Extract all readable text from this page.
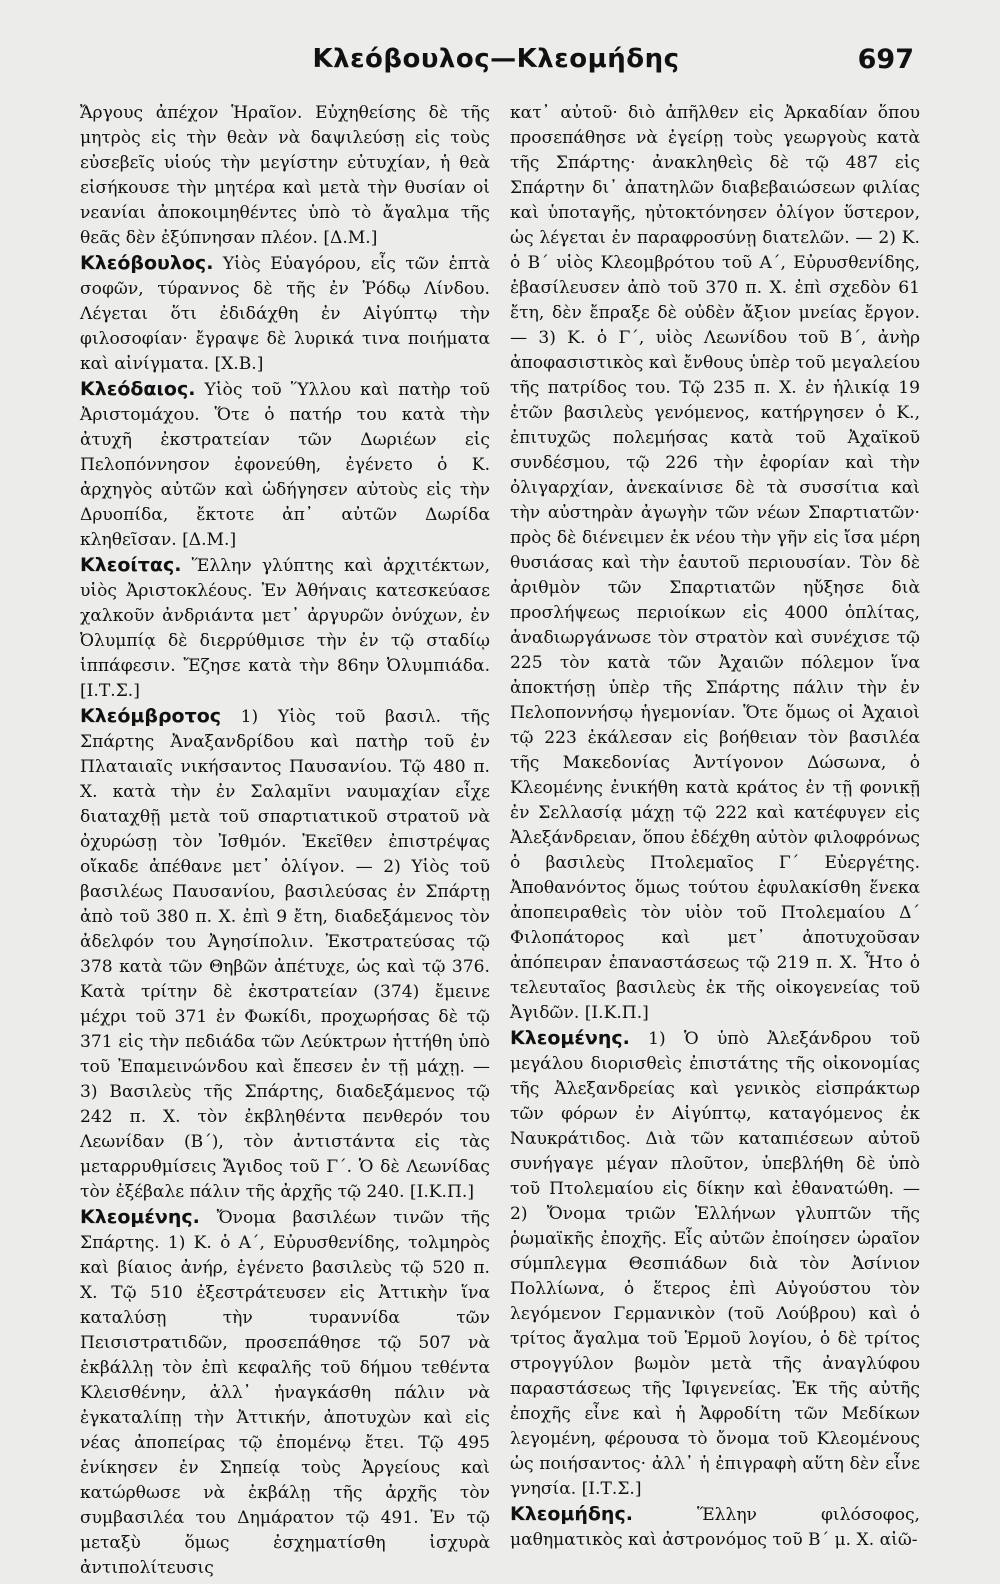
Κλεόβουλος—Κλεομήδης	697

Ἄργους ἀπέχον Ἡραῖον. Εὐχηθείσης δὲ τῆς μητρὸς εἰς τὴν θεὰν νὰ δαψιλεύσῃ εἰς τοὺς εὐσεβεῖς υἱούς τὴν μεγίστην εὐτυχίαν, ἡ θεὰ εἰσήκουσε τὴν μητέρα καὶ μετὰ τὴν θυσίαν οἱ νεανίαι ἀποκοιμηθέντες ὑπὸ τὸ ἄγαλμα τῆς θεᾶς δὲν ἐξύπνησαν πλέον. [Δ.Μ.]

Κλεόβουλος. Υἱὸς Εὐαγόρου, εἷς τῶν ἑπτὰ σοφῶν, τύραννος δὲ τῆς ἐν Ῥόδῳ Λίνδου. Λέγεται ὅτι ἐδιδάχθη ἐν Αἰγύπτῳ τὴν φιλοσοφίαν· ἔγραψε δὲ λυρικά τινα ποιήματα καὶ αἰνίγματα. [Χ.Β.]

Κλεόδαιος. Υἱὸς τοῦ Ὕλλου καὶ πατὴρ τοῦ Ἀριστομάχου. Ὅτε ὁ πατήρ του κατὰ τὴν ἀτυχῆ ἐκστρατείαν τῶν Δωριέων εἰς Πελοπόννησον ἐφονεύθη, ἐγένετο ὁ Κ. ἀρχηγὸς αὐτῶν καὶ ὡδήγησεν αὐτοὺς εἰς τὴν Δρυοπίδα, ἔκτοτε ἀπ᾽ αὐτῶν Δωρίδα κληθεῖσαν. [Δ.Μ.]

Κλεοίτας. Ἕλλην γλύπτης καὶ ἀρχιτέκτων, υἱὸς Ἀριστοκλέους. Ἐν Ἀθήναις κατεσκεύασε χαλκοῦν ἀνδριάντα μετ᾽ ἀργυρῶν ὀνύχων, ἐν Ὀλυμπίᾳ δὲ διερρύθμισε τὴν ἐν τῷ σταδίῳ ἱππάφεσιν. Ἔζησε κατὰ τὴν 86ην Ὀλυμπιάδα. [Ι.Τ.Σ.]

Κλεόμβροτος 1) Υἱὸς τοῦ βασιλ. τῆς Σπάρτης Ἀναξανδρίδου καὶ πατὴρ τοῦ ἐν Πλαταιαῖς νικήσαντος Παυσανίου. Τῷ 480 π. Χ. κατὰ τὴν ἐν Σαλαμῖνι ναυμαχίαν εἶχε διαταχθῇ μετὰ τοῦ σπαρτιατικοῦ στρατοῦ νὰ ὀχυρώσῃ τὸν Ἰσθμόν. Ἐκεῖθεν ἐπιστρέψας οἴκαδε ἀπέθανε μετ᾽ ὀλίγον. — 2) Υἱὸς τοῦ βασιλέως Παυσανίου, βασιλεύσας ἐν Σπάρτῃ ἀπὸ τοῦ 380 π. Χ. ἐπὶ 9 ἔτη, διαδεξάμενος τὸν ἀδελφόν του Ἀγησίπολιν. Ἐκστρατεύσας τῷ 378 κατὰ τῶν Θηβῶν ἀπέτυχε, ὡς καὶ τῷ 376. Κατὰ τρίτην δὲ ἐκστρατείαν (374) ἔμεινε μέχρι τοῦ 371 ἐν Φωκίδι, προχωρήσας δὲ τῷ 371 εἰς τὴν πεδιάδα τῶν Λεύκτρων ἡττήθη ὑπὸ τοῦ Ἐπαμεινώνδου καὶ ἔπεσεν ἐν τῇ μάχῃ. — 3) Βασιλεὺς τῆς Σπάρτης, διαδεξάμενος τῷ 242 π. Χ. τὸν ἐκβληθέντα πενθερόν του Λεωνίδαν (Β΄), τὸν ἀντιστάντα εἰς τὰς μεταρρυθμίσεις Ἄγιδος τοῦ Γ΄. Ὁ δὲ Λεωνίδας τὸν ἐξέβαλε πάλιν τῆς ἀρχῆς τῷ 240. [Ι.Κ.Π.]

Κλεομένης. Ὄνομα βασιλέων τινῶν τῆς Σπάρτης. 1) Κ. ὁ Α΄, Εὐρυσθενίδης, τολμηρὸς καὶ βίαιος ἀνήρ, ἐγένετο βασιλεὺς τῷ 520 π. Χ. Τῷ 510 ἐξεστράτευσεν εἰς Ἀττικὴν ἵνα καταλύσῃ τὴν τυραννίδα τῶν Πεισιστρατιδῶν, προσεπάθησε τῷ 507 νὰ ἐκβάλλῃ τὸν ἐπὶ κεφαλῆς τοῦ δήμου τεθέντα Κλεισθένην, ἀλλ᾽ ἠναγκάσθη πάλιν νὰ ἐγκαταλίπῃ τὴν Ἀττικήν, ἀποτυχὼν καὶ εἰς νέας ἀποπείρας τῷ ἐπομένῳ ἔτει. Τῷ 495 ἐνίκησεν ἐν Σηπείᾳ τοὺς Ἀργείους καὶ κατώρθωσε νὰ ἐκβάλῃ τῆς ἀρχῆς τὸν συμβασιλέα του Δημάρατον τῷ 491. Ἐν τῷ μεταξὺ ὅμως ἐσχηματίσθη ἰσχυρὰ ἀντιπολίτευσις

κατ᾽ αὐτοῦ· διὸ ἀπῆλθεν εἰς Ἀρκαδίαν ὅπου προσεπάθησε νὰ ἐγείρῃ τοὺς γεωργοὺς κατὰ τῆς Σπάρτης· ἀνακληθεὶς δὲ τῷ 487 εἰς Σπάρτην δι᾽ ἀπατηλῶν διαβεβαιώσεων φιλίας καὶ ὑποταγῆς, ηὐτοκτόνησεν ὀλίγον ὕστερον, ὡς λέγεται ἐν παραφροσύνῃ διατελῶν. — 2) Κ. ὁ Β΄ υἱὸς Κλεομβρότου τοῦ Α΄, Εὐρυσθενίδης, ἐβασίλευσεν ἀπὸ τοῦ 370 π. Χ. ἐπὶ σχεδὸν 61 ἔτη, δὲν ἔπραξε δὲ οὐδὲν ἄξιον μνείας ἔργον. — 3) Κ. ὁ Γ΄, υἱὸς Λεωνίδου τοῦ Β΄, ἀνὴρ ἀποφασιστικὸς καὶ ἔνθους ὑπὲρ τοῦ μεγαλείου τῆς πατρίδος του. Τῷ 235 π. Χ. ἐν ἡλικίᾳ 19 ἐτῶν βασιλεὺς γενόμενος, κατήργησεν ὁ Κ., ἐπιτυχῶς πολεμήσας κατὰ τοῦ Ἀχαϊκοῦ συνδέσμου, τῷ 226 τὴν ἐφορίαν καὶ τὴν ὀλιγαρχίαν, ἀνεκαίνισε δὲ τὰ συσσίτια καὶ τὴν αὐστηρὰν ἀγωγὴν τῶν νέων Σπαρτιατῶν· πρὸς δὲ διένειμεν ἐκ νέου τὴν γῆν εἰς ἴσα μέρη θυσιάσας καὶ τὴν ἑαυτοῦ περιουσίαν. Τὸν δὲ ἀριθμὸν τῶν Σπαρτιατῶν ηὔξησε διὰ προσλήψεως περιοίκων εἰς 4000 ὁπλίτας, ἀναδιωργάνωσε τὸν στρατὸν καὶ συνέχισε τῷ 225 τὸν κατὰ τῶν Ἀχαιῶν πόλεμον ἵνα ἀποκτήσῃ ὑπὲρ τῆς Σπάρτης πάλιν τὴν ἐν Πελοποννήσῳ ἡγεμονίαν. Ὅτε ὅμως οἱ Ἀχαιοὶ τῷ 223 ἐκάλεσαν εἰς βοήθειαν τὸν βασιλέα τῆς Μακεδονίας Ἀντίγονον Δώσωνα, ὁ Κλεομένης ἐνικήθη κατὰ κράτος ἐν τῇ φονικῇ ἐν Σελλασίᾳ μάχῃ τῷ 222 καὶ κατέφυγεν εἰς Ἀλεξάνδρειαν, ὅπου ἐδέχθη αὐτὸν φιλοφρόνως ὁ βασιλεὺς Πτολεμαῖος Γ΄ Εὐεργέτης. Ἀποθανόντος ὅμως τούτου ἐφυλακίσθη ἕνεκα ἀποπειραθεὶς τὸν υἱὸν τοῦ Πτολεμαίου Δ΄ Φιλοπάτορος καὶ μετ᾽ ἀποτυχοῦσαν ἀπόπειραν ἐπαναστάσεως τῷ 219 π. Χ. Ἦτο ὁ τελευταῖος βασιλεὺς ἐκ τῆς οἰκογενείας τοῦ Ἀγιδῶν. [Ι.Κ.Π.]

Κλεομένης. 1) Ὁ ὑπὸ Ἀλεξάνδρου τοῦ μεγάλου διορισθεὶς ἐπιστάτης τῆς οἰκονομίας τῆς Ἀλεξανδρείας καὶ γενικὸς εἰσπράκτωρ τῶν φόρων ἐν Αἰγύπτῳ, καταγόμενος ἐκ Ναυκράτιδος. Διὰ τῶν καταπιέσεων αὐτοῦ συνήγαγε μέγαν πλοῦτον, ὑπεβλήθη δὲ ὑπὸ τοῦ Πτολεμαίου εἰς δίκην καὶ ἐθανατώθη. — 2) Ὄνομα τριῶν Ἑλλήνων γλυπτῶν τῆς ῥωμαϊκῆς ἐποχῆς. Εἷς αὐτῶν ἐποίησεν ὡραῖον σύμπλεγμα Θεσπιάδων διὰ τὸν Ἀσίνιον Πολλίωνα, ὁ ἕτερος ἐπὶ Αὐγούστου τὸν λεγόμενον Γερμανικὸν (τοῦ Λούβρου) καὶ ὁ τρίτος ἄγαλμα τοῦ Ἑρμοῦ λογίου, ὁ δὲ τρίτος στρογγύλον βωμὸν μετὰ τῆς ἀναγλύφου παραστάσεως τῆς Ἰφιγενείας. Ἐκ τῆς αὐτῆς ἐποχῆς εἶνε καὶ ἡ Ἀφροδίτη τῶν Μεδίκων λεγομένη, φέρουσα τὸ ὄνομα τοῦ Κλεομένους ὡς ποιήσαντος· ἀλλ᾽ ἡ ἐπιγραφὴ αὕτη δὲν εἶνε γνησία. [Ι.Τ.Σ.]

Κλεομήδης. Ἕλλην φιλόσοφος, μαθηματικὸς καὶ ἀστρονόμος τοῦ Β΄ μ. Χ. αἰῶ-
